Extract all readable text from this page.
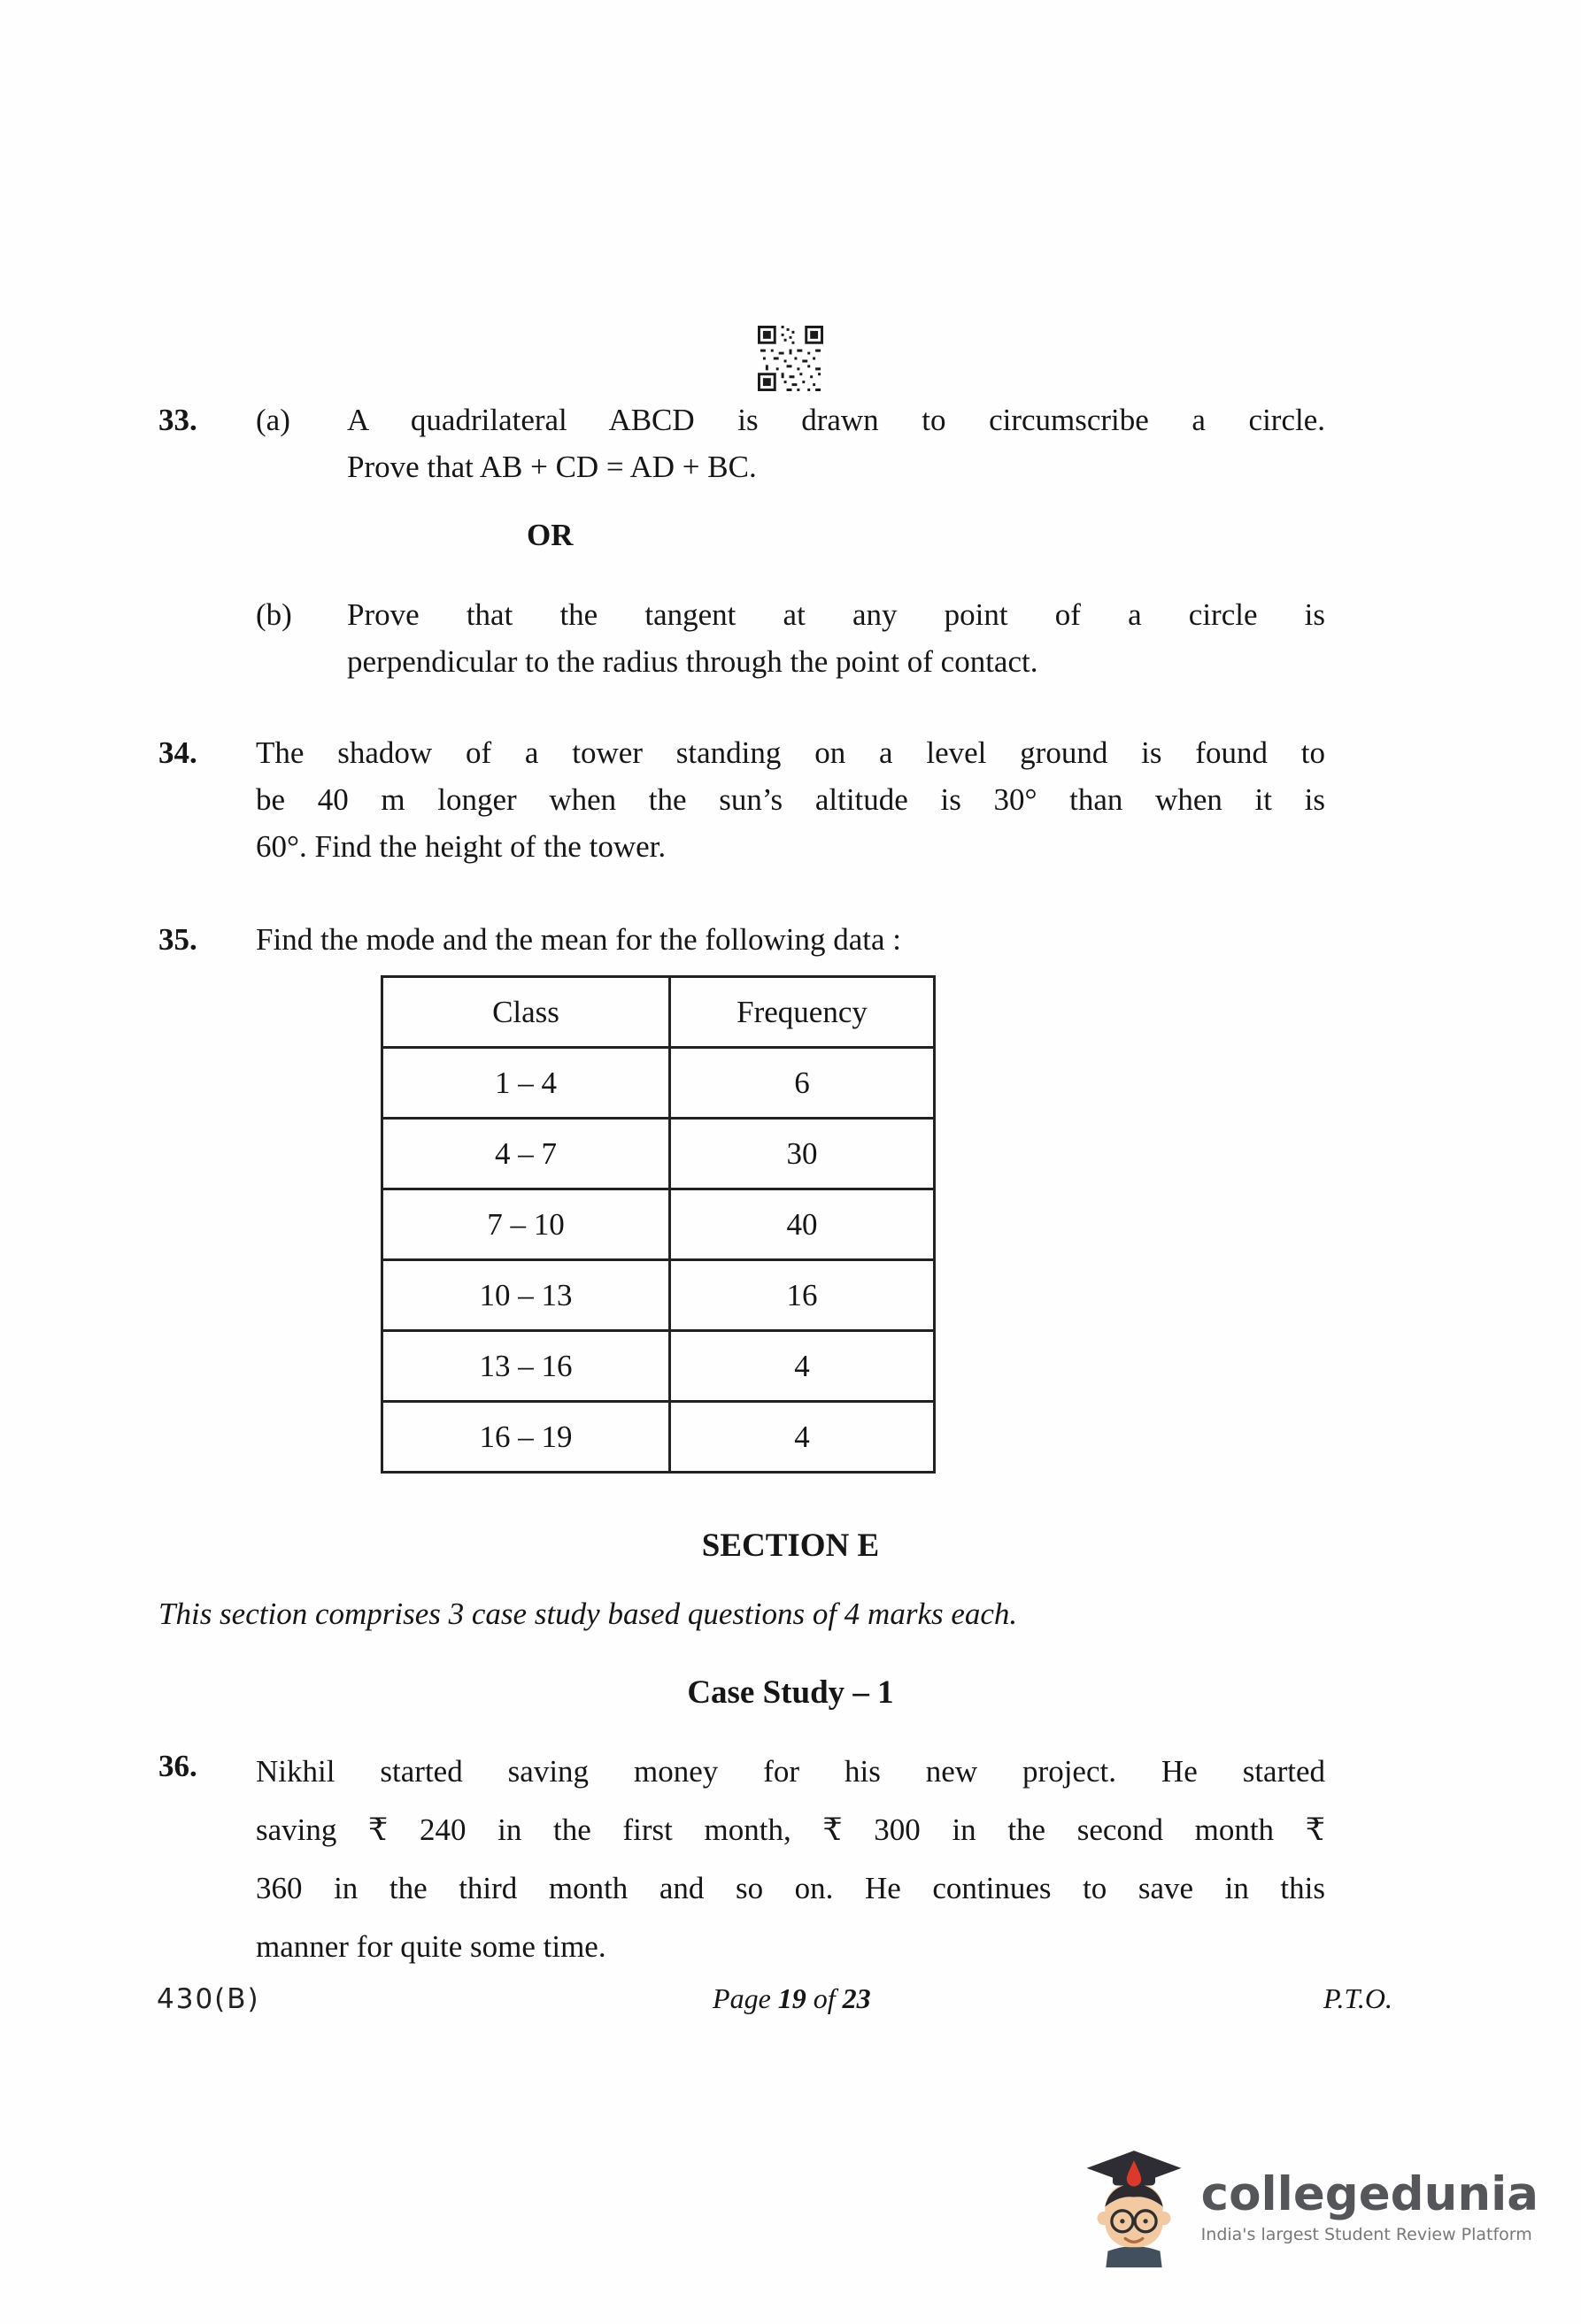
33.	(a)	A quadrilateral ABCD is drawn to circumscribe a circle.
Prove that AB + CD = AD + BC.
OR
(b)	Prove that the tangent at any point of a circle is
perpendicular to the radius through the point of contact.
34.	The shadow of a tower standing on a level ground is found to
be 40 m longer when the sun’s altitude is 30° than when it is
60°. Find the height of the tower.
35.	Find the mode and the mean for the following data :
Class	Frequency
1 – 4	6
4 – 7	30
7 – 10	40
10 – 13	16
13 – 16	4
16 – 19	4
SECTION E
This section comprises 3 case study based questions of 4 marks each.
Case Study – 1
36.	Nikhil started saving money for his new project. He started
saving ₹ 240 in the first month, ₹ 300 in the second month ₹
360 in the third month and so on. He continues to save in this
manner for quite some time.
430(B)	Page 19 of 23	P.T.O.
collegedunia
India's largest Student Review Platform
